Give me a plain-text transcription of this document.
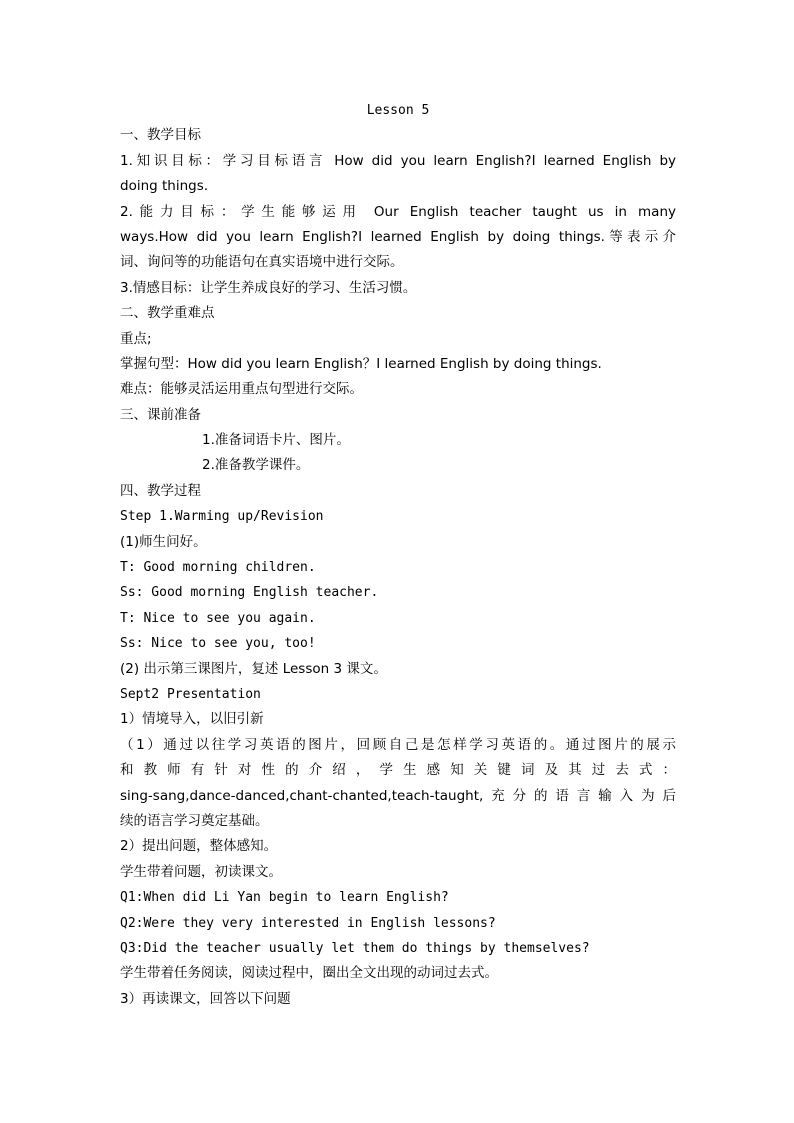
Lesson 5
一、教学目标
1.知识目标：学习目标语言 How did you learn English?I learned English by
doing things.
2.能力目标：学生能够运用 Our English teacher taught us in many
ways.How did you learn English?I learned English by doing things.等表示介
词、询问等的功能语句在真实语境中进行交际。
3.情感目标：让学生养成良好的学习、生活习惯。
二、教学重难点
重点;
掌握句型：How did you learn English？I learned English by doing things.
难点：能够灵活运用重点句型进行交际。
三、课前准备
1.准备词语卡片、图片。
2.准备教学课件。
四、教学过程
Step 1.Warming up/Revision
(1)师生问好。
T: Good morning children.
Ss: Good morning English teacher.
T: Nice to see you again.
Ss: Nice to see you, too!
(2) 出示第三课图片，复述 Lesson 3 课文。
Sept2 Presentation
1）情境导入，以旧引新
（1）通过以往学习英语的图片，回顾自己是怎样学习英语的。通过图片的展示
和教师有针对性的介绍，学生感知关键词及其过去式：
sing-sang,dance-danced,chant-chanted,teach-taught,充分的语言输入为后
续的语言学习奠定基础。
2）提出问题，整体感知。
学生带着问题，初读课文。
Q1:When did Li Yan begin to learn English?
Q2:Were they very interested in English lessons?
Q3:Did the teacher usually let them do things by themselves?
学生带着任务阅读，阅读过程中，圈出全文出现的动词过去式。
3）再读课文，回答以下问题
